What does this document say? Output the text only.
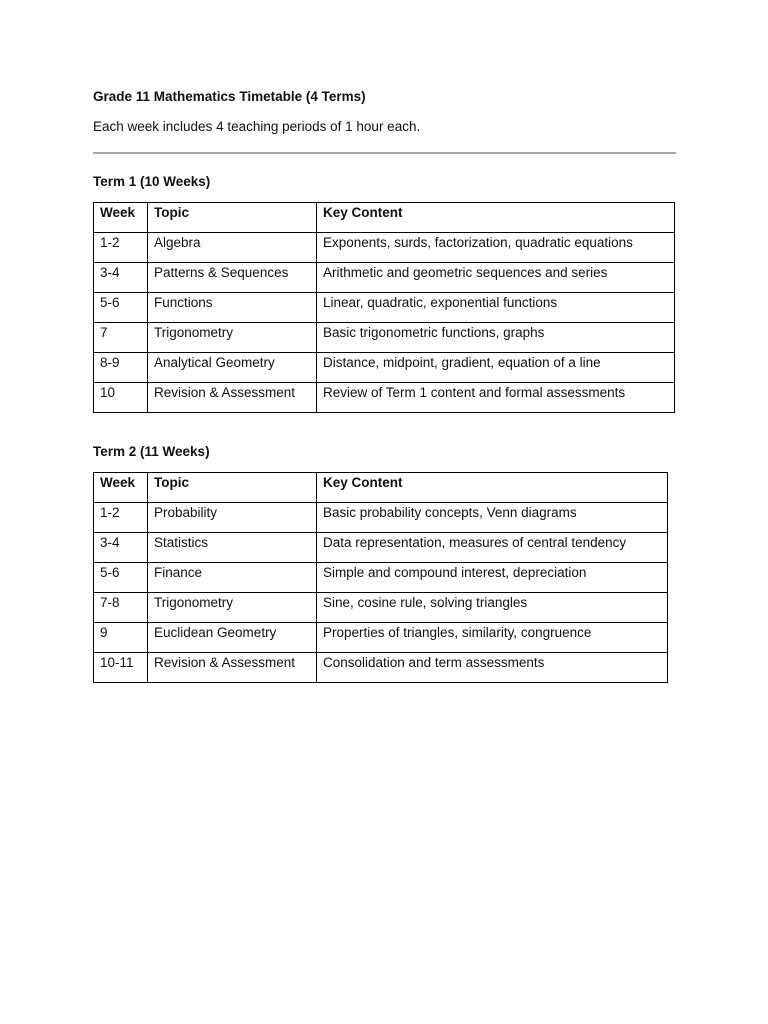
Grade 11 Mathematics Timetable (4 Terms)

Each week includes 4 teaching periods of 1 hour each.

Term 1 (10 Weeks)

Week	Topic	Key Content
1-2	Algebra	Exponents, surds, factorization, quadratic equations
3-4	Patterns & Sequences	Arithmetic and geometric sequences and series
5-6	Functions	Linear, quadratic, exponential functions
7	Trigonometry	Basic trigonometric functions, graphs
8-9	Analytical Geometry	Distance, midpoint, gradient, equation of a line
10	Revision & Assessment	Review of Term 1 content and formal assessments

Term 2 (11 Weeks)

Week	Topic	Key Content
1-2	Probability	Basic probability concepts, Venn diagrams
3-4	Statistics	Data representation, measures of central tendency
5-6	Finance	Simple and compound interest, depreciation
7-8	Trigonometry	Sine, cosine rule, solving triangles
9	Euclidean Geometry	Properties of triangles, similarity, congruence
10-11	Revision & Assessment	Consolidation and term assessments
